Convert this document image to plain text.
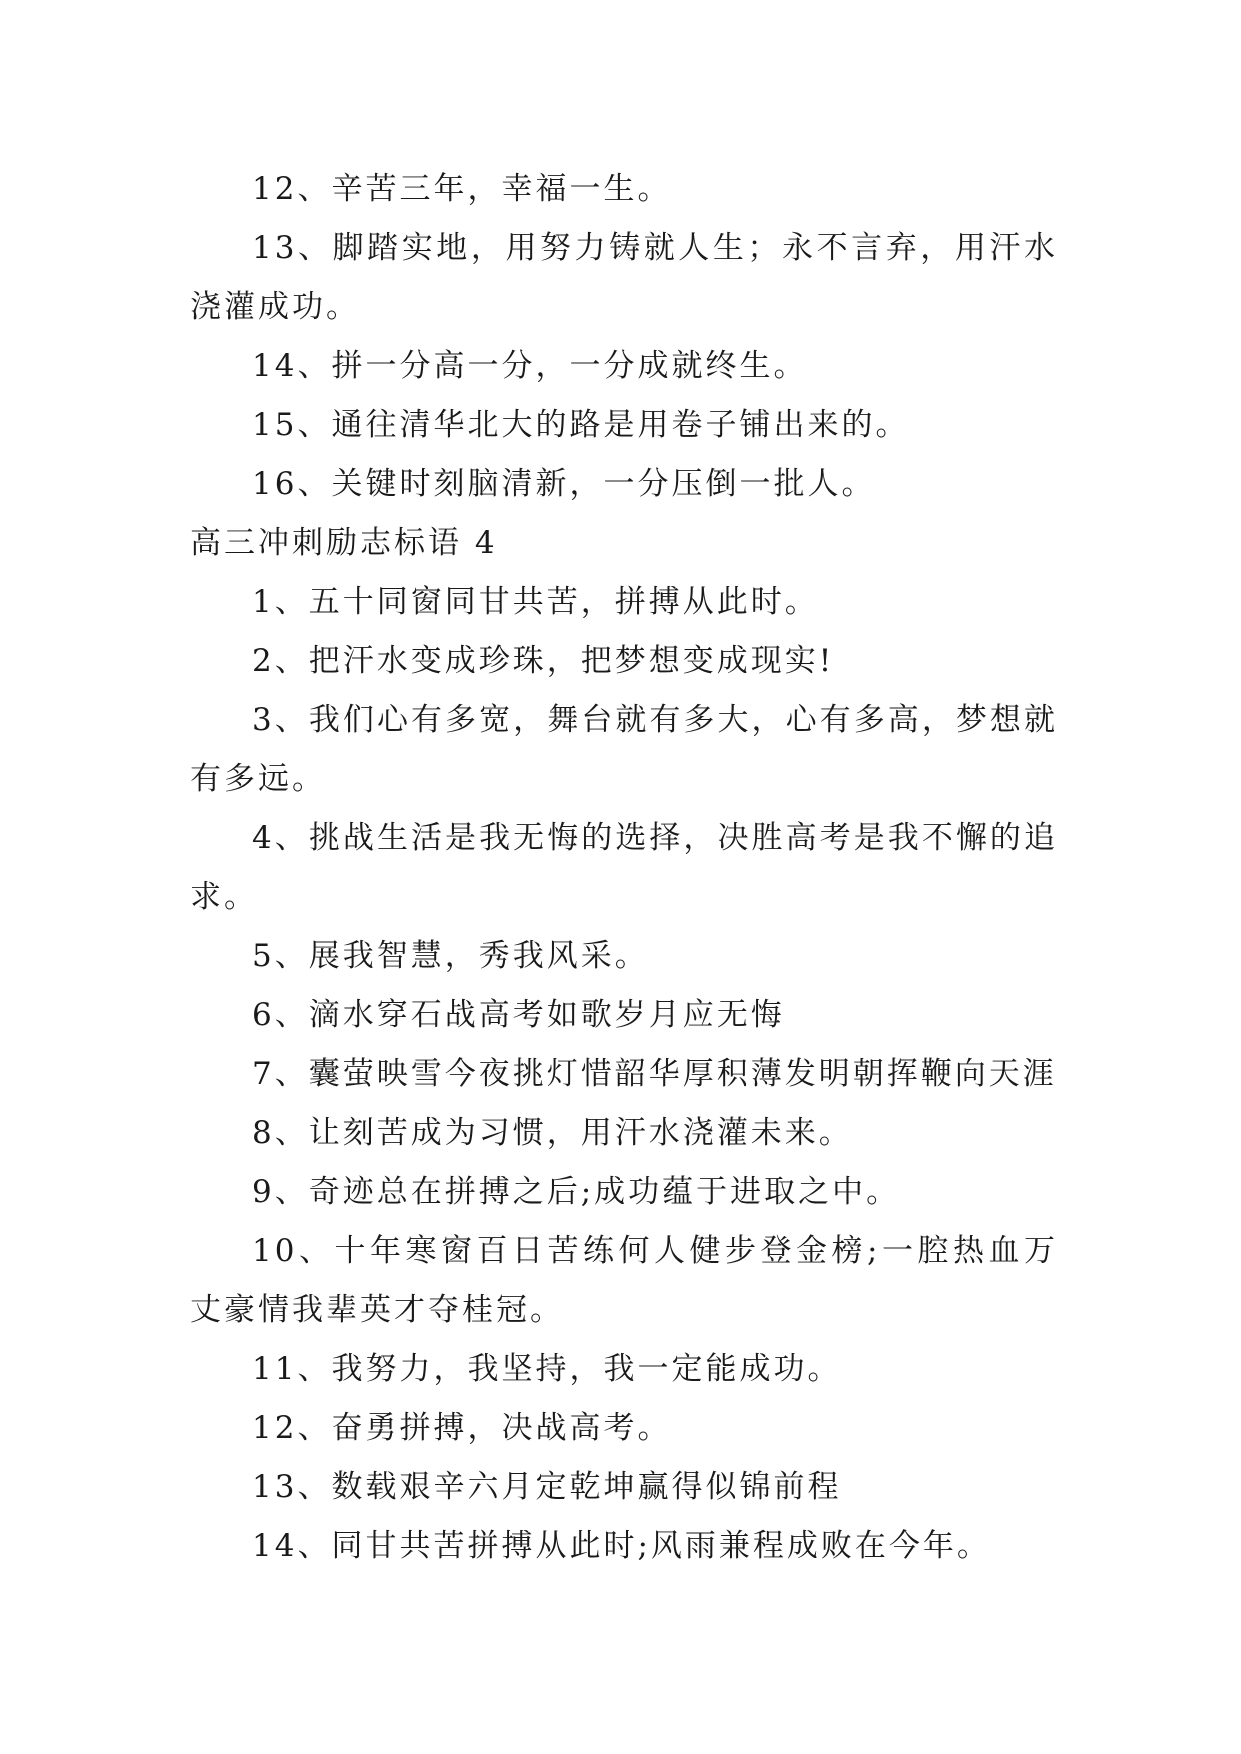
12、辛苦三年，幸福一生。

13、脚踏实地，用努力铸就人生；永不言弃，用汗水浇灌成功。

14、拼一分高一分，一分成就终生。

15、通往清华北大的路是用卷子铺出来的。

16、关键时刻脑清新，一分压倒一批人。

高三冲刺励志标语 4

1、五十同窗同甘共苦，拼搏从此时。

2、把汗水变成珍珠，把梦想变成现实!

3、我们心有多宽，舞台就有多大，心有多高，梦想就有多远。

4、挑战生活是我无悔的选择，决胜高考是我不懈的追求。

5、展我智慧，秀我风采。

6、滴水穿石战高考如歌岁月应无悔

7、囊萤映雪今夜挑灯惜韶华厚积薄发明朝挥鞭向天涯

8、让刻苦成为习惯，用汗水浇灌未来。

9、奇迹总在拼搏之后;成功蕴于进取之中。

10、十年寒窗百日苦练何人健步登金榜;一腔热血万丈豪情我辈英才夺桂冠。

11、我努力，我坚持，我一定能成功。

12、奋勇拼搏，决战高考。

13、数载艰辛六月定乾坤赢得似锦前程

14、同甘共苦拼搏从此时;风雨兼程成败在今年。
